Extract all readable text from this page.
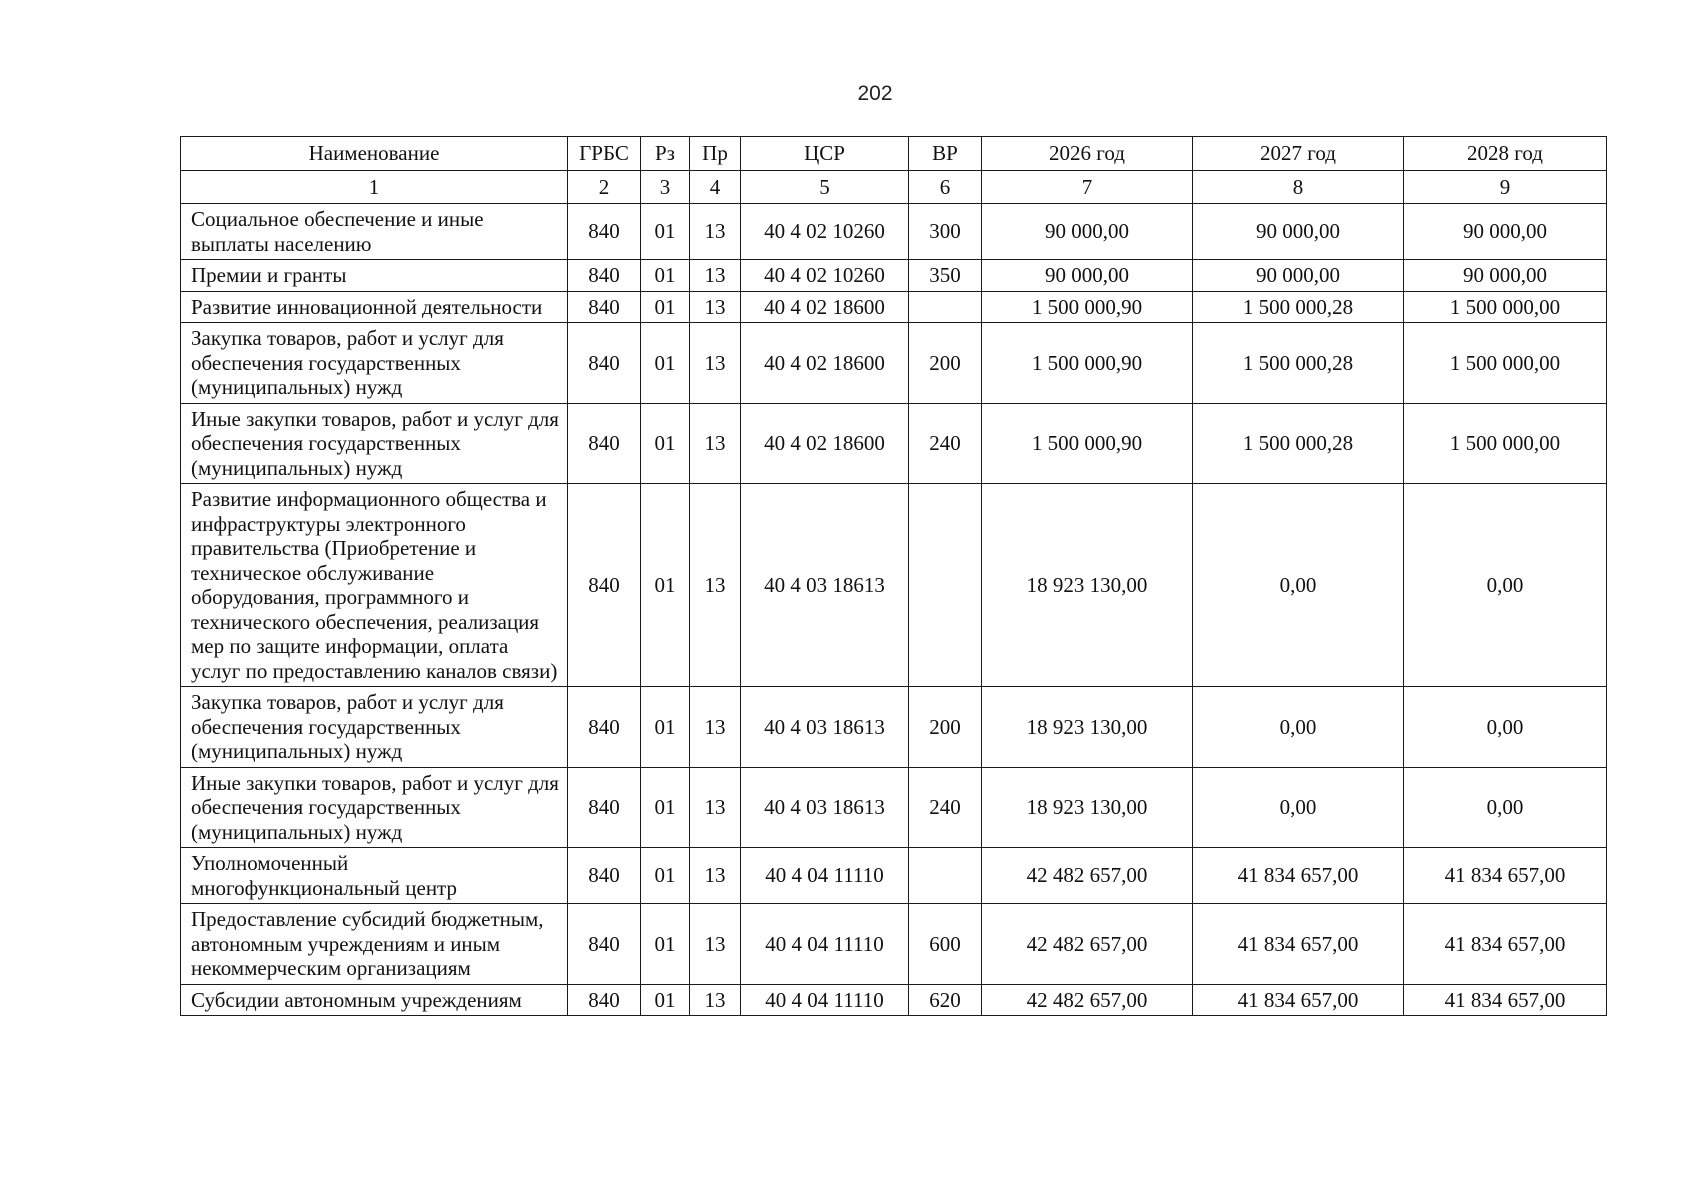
202
Наименование	ГРБС	Рз	Пр	ЦСР	ВР	2026 год	2027 год	2028 год
1	2	3	4	5	6	7	8	9
Социальное обеспечение и иные выплаты населению	840	01	13	40 4 02 10260	300	90 000,00	90 000,00	90 000,00
Премии и гранты	840	01	13	40 4 02 10260	350	90 000,00	90 000,00	90 000,00
Развитие инновационной деятельности	840	01	13	40 4 02 18600		1 500 000,90	1 500 000,28	1 500 000,00
Закупка товаров, работ и услуг для обеспечения государственных (муниципальных) нужд	840	01	13	40 4 02 18600	200	1 500 000,90	1 500 000,28	1 500 000,00
Иные закупки товаров, работ и услуг для обеспечения государственных (муниципальных) нужд	840	01	13	40 4 02 18600	240	1 500 000,90	1 500 000,28	1 500 000,00
Развитие информационного общества и инфраструктуры электронного правительства (Приобретение и техническое обслуживание оборудования, программного и технического обеспечения, реализация мер по защите информации, оплата услуг по предоставлению каналов связи)	840	01	13	40 4 03 18613		18 923 130,00	0,00	0,00
Закупка товаров, работ и услуг для обеспечения государственных (муниципальных) нужд	840	01	13	40 4 03 18613	200	18 923 130,00	0,00	0,00
Иные закупки товаров, работ и услуг для обеспечения государственных (муниципальных) нужд	840	01	13	40 4 03 18613	240	18 923 130,00	0,00	0,00
Уполномоченный многофункциональный центр	840	01	13	40 4 04 11110		42 482 657,00	41 834 657,00	41 834 657,00
Предоставление субсидий бюджетным, автономным учреждениям и иным некоммерческим организациям	840	01	13	40 4 04 11110	600	42 482 657,00	41 834 657,00	41 834 657,00
Субсидии автономным учреждениям	840	01	13	40 4 04 11110	620	42 482 657,00	41 834 657,00	41 834 657,00
